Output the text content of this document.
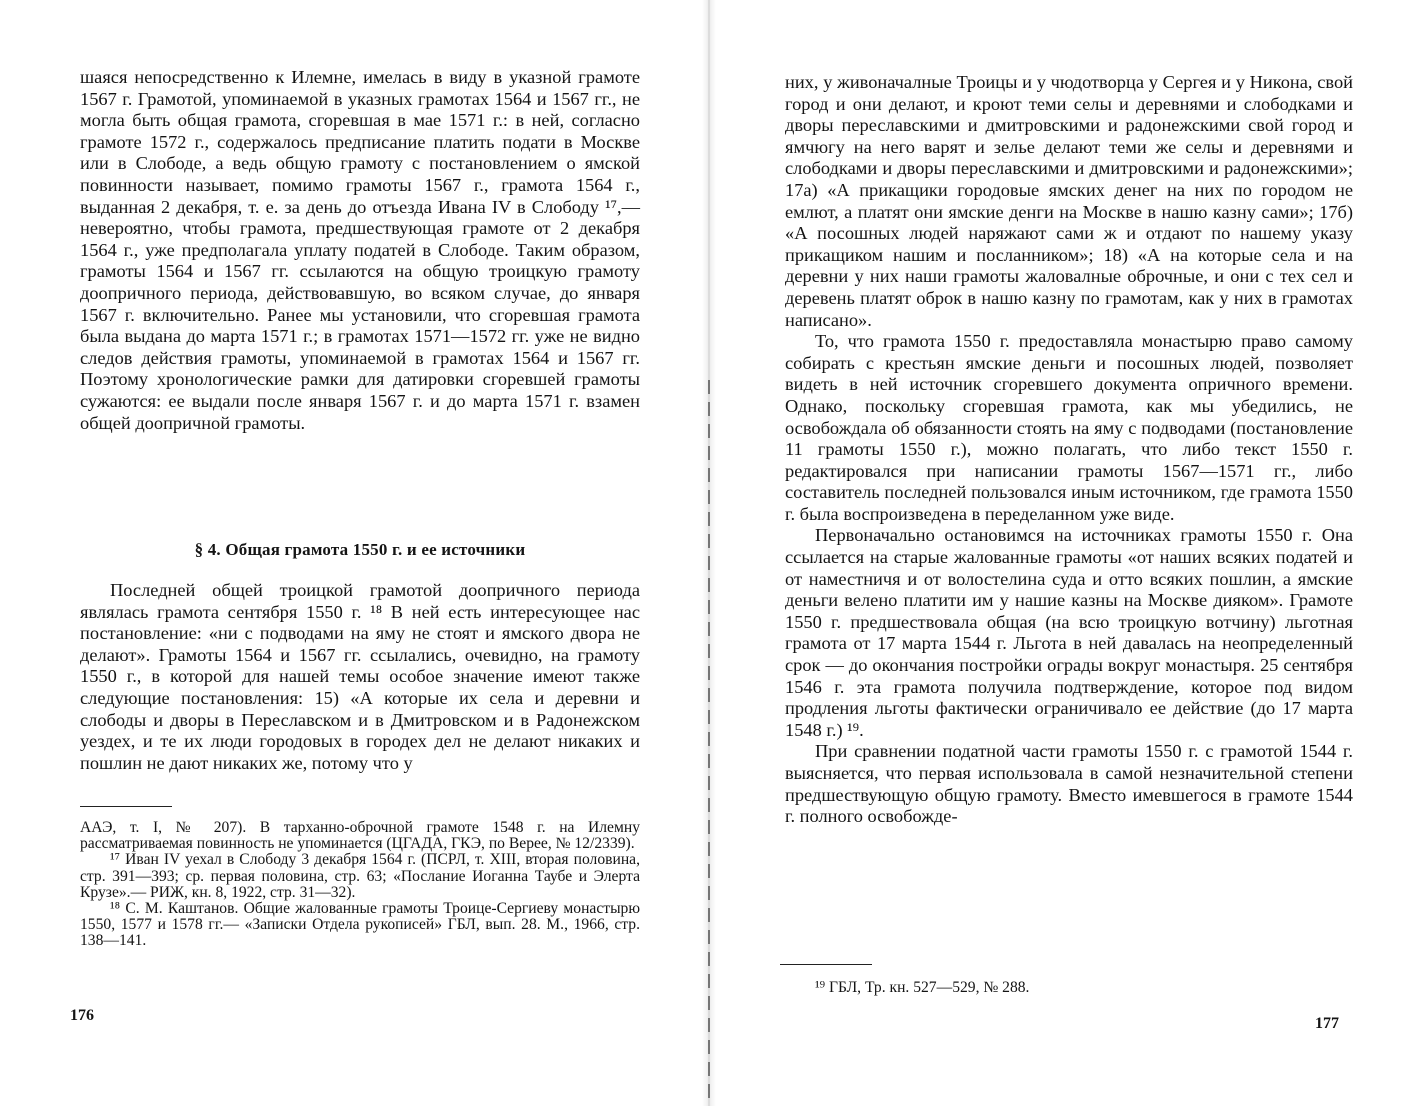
шаяся непосредственно к Илемне, имелась в виду в указной грамоте 1567 г. Грамотой, упоминаемой в указных грамотах 1564 и 1567 гг., не могла быть общая грамота, сгоревшая в мае 1571 г.: в ней, согласно грамоте 1572 г., содержалось предписание платить подати в Москве или в Слободе, а ведь общую грамоту с постановлением о ямской повинности называет, помимо грамоты 1567 г., грамота 1564 г., выданная 2 декабря, т. е. за день до отъезда Ивана IV в Слободу ¹⁷,— невероятно, чтобы грамота, предшествующая грамоте от 2 декабря 1564 г., уже предполагала уплату податей в Слободе. Таким образом, грамоты 1564 и 1567 гг. ссылаются на общую троицкую грамоту доопричного периода, действовавшую, во всяком случае, до января 1567 г. включительно. Ранее мы установили, что сгоревшая грамота была выдана до марта 1571 г.; в грамотах 1571—1572 гг. уже не видно следов действия грамоты, упоминаемой в грамотах 1564 и 1567 гг. Поэтому хронологические рамки для датировки сгоревшей грамоты сужаются: ее выдали после января 1567 г. и до марта 1571 г. взамен общей доопричной грамоты.

§ 4. Общая грамота 1550 г. и ее источники

Последней общей троицкой грамотой доопричного периода являлась грамота сентября 1550 г. ¹⁸ В ней есть интересующее нас постановление: «ни с подводами на яму не стоят и ямского двора не делают». Грамоты 1564 и 1567 гг. ссылались, очевидно, на грамоту 1550 г., в которой для нашей темы особое значение имеют также следующие постановления: 15) «А которые их села и деревни и слободы и дворы в Переславском и в Дмитровском и в Радонежском уездех, и те их люди городовых в городех дел не делают никаких и пошлин не дают никаких же, потому что у

ААЭ, т. I, № 207). В тарханно-оброчной грамоте 1548 г. на Илемну рассматриваемая повинность не упоминается (ЦГАДА, ГКЭ, по Верее, № 12/2339).

¹⁷ Иван IV уехал в Слободу 3 декабря 1564 г. (ПСРЛ, т. XIII, вторая половина, стр. 391—393; ср. первая половина, стр. 63; «Послание Иоганна Таубе и Элерта Крузе».— РИЖ, кн. 8, 1922, стр. 31—32).

¹⁸ С. М. Каштанов. Общие жалованные грамоты Троице-Сергиеву монастырю 1550, 1577 и 1578 гг.— «Записки Отдела рукописей» ГБЛ, вып. 28. М., 1966, стр. 138—141.

176

них, у живоначалные Троицы и у чюдотворца у Сергея и у Никона, свой город и они делают, и кроют теми селы и деревнями и слободками и дворы переславскими и дмитровскими и радонежскими свой город и ямчюгу на него варят и зелье делают теми же селы и деревнями и слободками и дворы переславскими и дмитровскими и радонежскими»; 17а) «А прикащики городовые ямских денег на них по городом не емлют, а платят они ямские денги на Москве в нашю казну сами»; 17б) «А посошных людей наряжают сами ж и отдают по нашему указу прикащиком нашим и посланником»; 18) «А на которые села и на деревни у них наши грамоты жаловалные оброчные, и они с тех сел и деревень платят оброк в нашю казну по грамотам, как у них в грамотах написано».

То, что грамота 1550 г. предоставляла монастырю право самому собирать с крестьян ямские деньги и посошных людей, позволяет видеть в ней источник сгоревшего документа опричного времени. Однако, поскольку сгоревшая грамота, как мы убедились, не освобождала об обязанности стоять на яму с подводами (постановление 11 грамоты 1550 г.), можно полагать, что либо текст 1550 г. редактировался при написании грамоты 1567—1571 гг., либо составитель последней пользовался иным источником, где грамота 1550 г. была воспроизведена в переделанном уже виде.

Первоначально остановимся на источниках грамоты 1550 г. Она ссылается на старые жалованные грамоты «от наших всяких податей и от наместничя и от волостелина суда и отто всяких пошлин, а ямские деньги велено платити им у нашие казны на Москве дияком». Грамоте 1550 г. предшествовала общая (на всю троицкую вотчину) льготная грамота от 17 марта 1544 г. Льгота в ней давалась на неопределенный срок — до окончания постройки ограды вокруг монастыря. 25 сентября 1546 г. эта грамота получила подтверждение, которое под видом продления льготы фактически ограничивало ее действие (до 17 марта 1548 г.) ¹⁹.

При сравнении податной части грамоты 1550 г. с грамотой 1544 г. выясняется, что первая использовала в самой незначительной степени предшествующую общую грамоту. Вместо имевшегося в грамоте 1544 г. полного освобожде-

¹⁹ ГБЛ, Тр. кн. 527—529, № 288.

177
